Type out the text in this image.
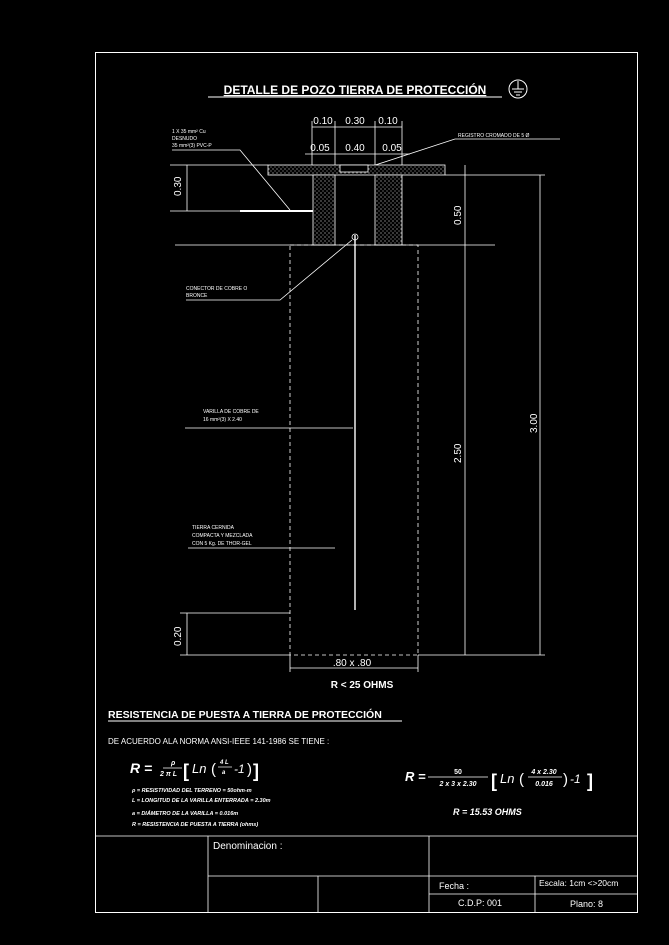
DETALLE DE POZO TIERRA DE PROTECCIÓN
0.10 0.30 0.10
0.05 0.40 0.05
1 X 35 mm² Cu
DESNUDO
35 mm²(3) PVC-P
REGISTRO CROMADO DE 5 Ø
0.30
0.50
2.50
3.00
CONECTOR DE COBRE O
BRONCE
VARILLA DE COBRE DE
16 mm²(3) X 2.40
TIERRA CERNIDA
COMPACTA Y MEZCLADA
CON 5 Kg. DE THOR-GEL
0.20
.80 x .80
R < 25 OHMS
RESISTENCIA DE PUESTA A TIERRA DE PROTECCIÓN
DE ACUERDO ALA NORMA ANSI-IEEE 141-1986 SE TIENE :
R =	ρ
2 π L [ Ln ( 4 L
a -1 ) ]
ρ = RESISTIVIDAD DEL TERRENO = 50ohm-m
L = LONGITUD DE LA VARILLA ENTERRADA = 2.30m
a = DIÁMETRO DE LA VARILLA = 0.016m
R = RESISTENCIA DE PUESTA A TIERRA (ohms)
R =	50
2 x 3 x 2.30 [ Ln ( 4 x 2.30
0.016 ) -1 ]
R = 15.53 OHMS
Denominacion :
Fecha :	Escala: 1cm <>20cm
C.D.P: 001	Plano: 8
